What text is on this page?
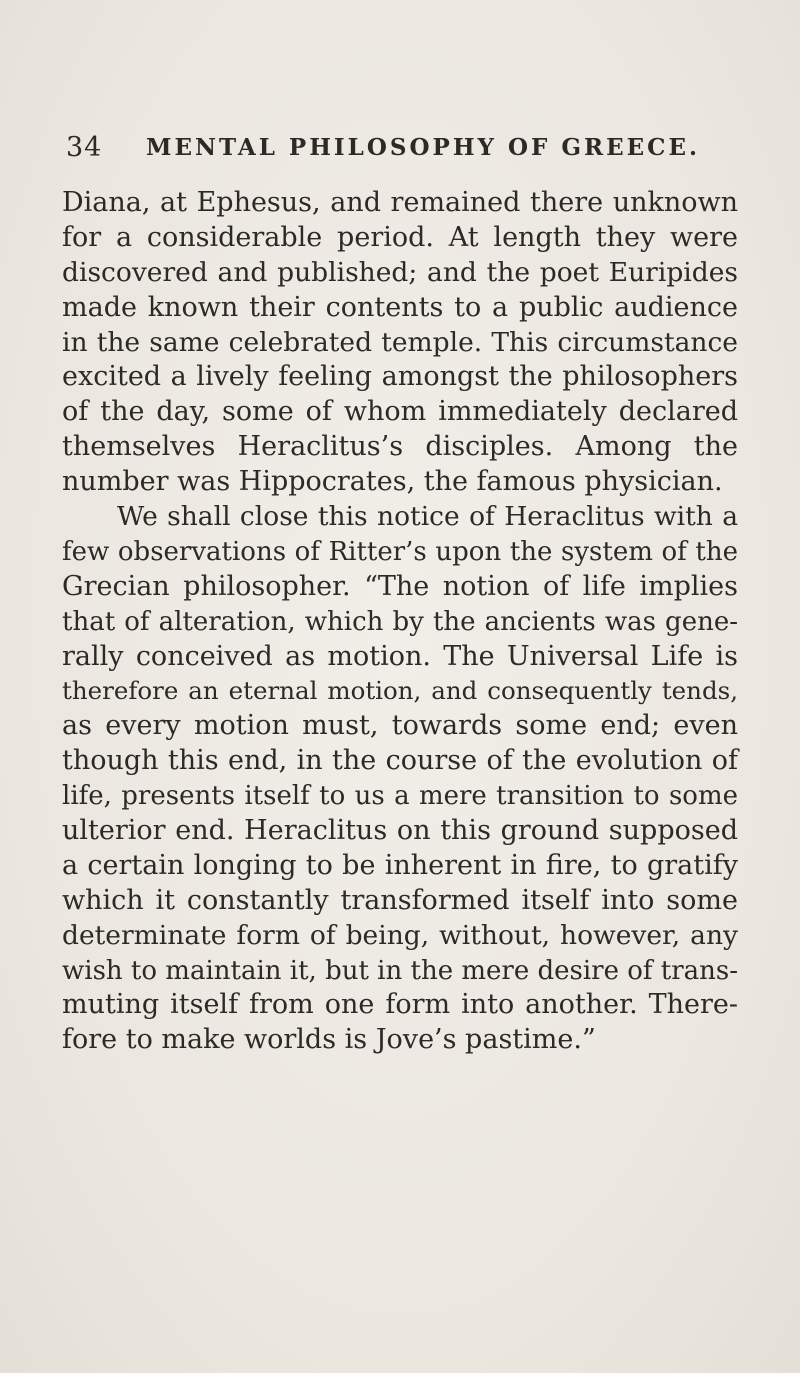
34 MENTAL PHILOSOPHY OF GREECE.
Diana, at Ephesus, and remained there unknown
for a considerable period. At length they were
discovered and published; and the poet Euripides
made known their contents to a public audience
in the same celebrated temple. This circumstance
excited a lively feeling amongst the philosophers
of the day, some of whom immediately declared
themselves Heraclitus’s disciples. Among the
number was Hippocrates, the famous physician.
We shall close this notice of Heraclitus with a
few observations of Ritter’s upon the system of the
Grecian philosopher. “The notion of life implies
that of alteration, which by the ancients was gene-
rally conceived as motion. The Universal Life is
therefore an eternal motion, and consequently tends,
as every motion must, towards some end; even
though this end, in the course of the evolution of
life, presents itself to us a mere transition to some
ulterior end. Heraclitus on this ground supposed
a certain longing to be inherent in fire, to gratify
which it constantly transformed itself into some
determinate form of being, without, however, any
wish to maintain it, but in the mere desire of trans-
muting itself from one form into another. There-
fore to make worlds is Jove’s pastime.”
